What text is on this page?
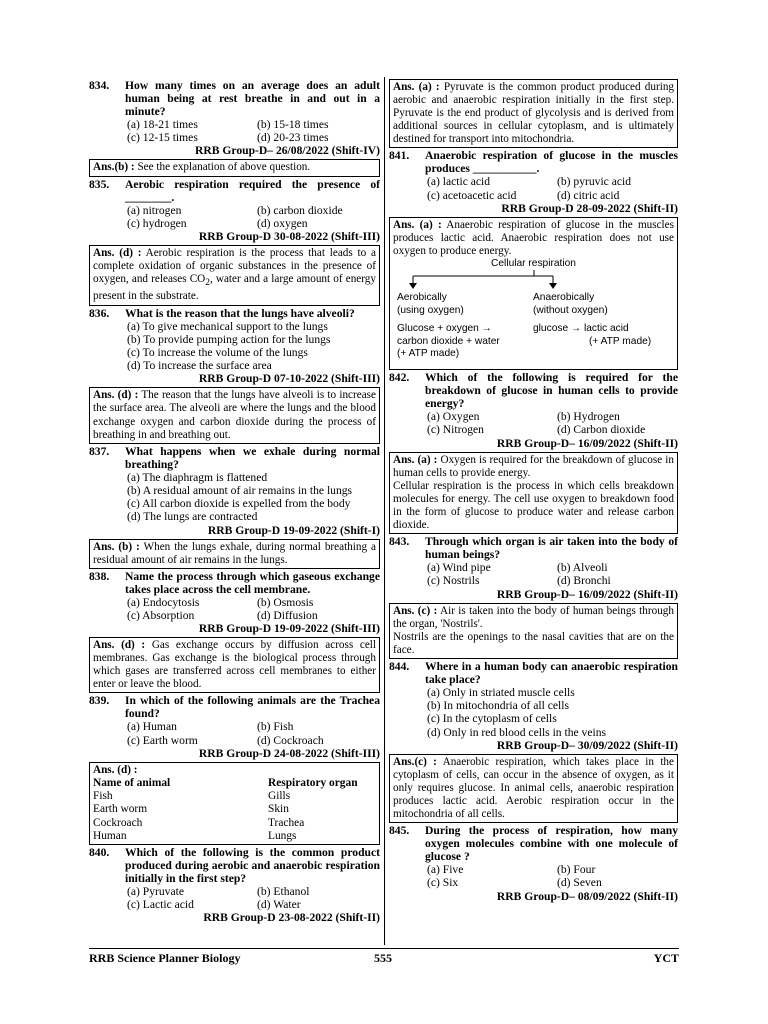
834.	How many times on an average does an adult human being at rest breathe in and out in a minute?
(a) 18-21 times	(b) 15-18 times
(c) 12-15 times	(d) 20-23 times
RRB Group-D– 26/08/2022 (Shift-IV)
Ans.(b) : See the explanation of above question.
835.	Aerobic respiration required the presence of ________.
(a) nitrogen	(b) carbon dioxide
(c) hydrogen	(d) oxygen
RRB Group-D 30-08-2022 (Shift-III)
Ans. (d) : Aerobic respiration is the process that leads to a complete oxidation of organic substances in the presence of oxygen, and releases $CO_2$, water and a large amount of energy present in the substrate.
836.	What is the reason that the lungs have alveoli?
(a) To give mechanical support to the lungs
(b) To provide pumping action for the lungs
(c) To increase the volume of the lungs
(d) To increase the surface area
RRB Group-D 07-10-2022 (Shift-III)
Ans. (d) : The reason that the lungs have alveoli is to increase the surface area. The alveoli are where the lungs and the blood exchange oxygen and carbon dioxide during the process of breathing in and breathing out.
837.	What happens when we exhale during normal breathing?
(a) The diaphragm is flattened
(b) A residual amount of air remains in the lungs
(c) All carbon dioxide is expelled from the body
(d) The lungs are contracted
RRB Group-D 19-09-2022 (Shift-I)
Ans. (b) : When the lungs exhale, during normal breathing a residual amount of air remains in the lungs.
838.	Name the process through which gaseous exchange takes place across the cell membrane.
(a) Endocytosis	(b) Osmosis
(c) Absorption	(d) Diffusion
RRB Group-D 19-09-2022 (Shift-III)
Ans. (d) : Gas exchange occurs by diffusion across cell membranes. Gas exchange is the biological process through which gases are transferred across cell membranes to either enter or leave the blood.
839.	In which of the following animals are the Trachea found?
(a) Human	(b) Fish
(c) Earth worm	(d) Cockroach
RRB Group-D 24-08-2022 (Shift-III)
Ans. (d) :
Name of animal	Respiratory organ
Fish	Gills
Earth worm	Skin
Cockroach	Trachea
Human	Lungs
840.	Which of the following is the common product produced during aerobic and anaerobic respiration initially in the first step?
(a) Pyruvate	(b) Ethanol
(c) Lactic acid	(d) Water
RRB Group-D 23-08-2022 (Shift-II)
Ans. (a) : Pyruvate is the common product produced during aerobic and anaerobic respiration initially in the first step. Pyruvate is the end product of glycolysis and is derived from additional sources in cellular cytoplasm, and is ultimately destined for transport into mitochondria.
841.	Anaerobic respiration of glucose in the muscles produces ___________.
(a) lactic acid	(b) pyruvic acid
(c) acetoacetic acid	(d) citric acid
RRB Group-D 28-09-2022 (Shift-II)
Ans. (a) : Anaerobic respiration of glucose in the muscles produces lactic acid. Anaerobic respiration does not use oxygen to produce energy.
Cellular respiration
Aerobically
(using oxygen)
Glucose + oxygen →
carbon dioxide + water
(+ ATP made)
Anaerobically
(without oxygen)
glucose → lactic acid
(+ ATP made)
842.	Which of the following is required for the breakdown of glucose in human cells to provide energy?
(a) Oxygen	(b) Hydrogen
(c) Nitrogen	(d) Carbon dioxide
RRB Group-D– 16/09/2022 (Shift-II)

Ans. (a) : Oxygen is required for the breakdown of glucose in human cells to provide energy.

Cellular respiration is the process in which cells breakdown molecules for energy. The cell use oxygen to breakdown food in the form of glucose to produce water and release carbon dioxide.

843.	Through which organ is air taken into the body of human beings?
(a) Wind pipe	(b) Alveoli
(c) Nostrils	(d) Bronchi
RRB Group-D– 16/09/2022 (Shift-II)

Ans. (c) : Air is taken into the body of human beings through the organ, 'Nostrils'.

Nostrils are the openings to the nasal cavities that are on the face.

844.	Where in a human body can anaerobic respiration take place?
(a) Only in striated muscle cells
(b) In mitochondria of all cells
(c) In the cytoplasm of cells
(d) Only in red blood cells in the veins
RRB Group-D– 30/09/2022 (Shift-II)
Ans.(c) : Anaerobic respiration, which takes place in the cytoplasm of cells, can occur in the absence of oxygen, as it only requires glucose. In animal cells, anaerobic respiration produces lactic acid. Aerobic respiration occur in the mitochondria of all cells.
845.	During the process of respiration, how many oxygen molecules combine with one molecule of glucose ?
(a) Five	(b) Four
(c) Six	(d) Seven
RRB Group-D– 08/09/2022 (Shift-II)
RRB Science Planner Biology	555	YCT
